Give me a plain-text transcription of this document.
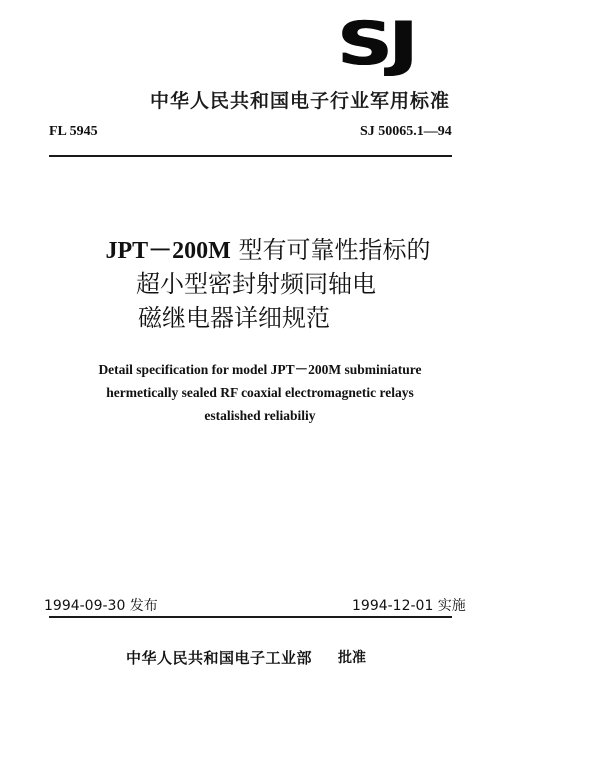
SJ
中华人民共和国电子行业军用标准
FL 5945	SJ 50065.1—94
JPT－200M 型有可靠性指标的
超小型密封射频同轴电
磁继电器详细规范
Detail specification for model JPT－200M subminiature
hermetically sealed RF coaxial electromagnetic relays
estalished reliabiliy
1994-09-30 发布	1994-12-01 实施
中华人民共和国电子工业部 批准
